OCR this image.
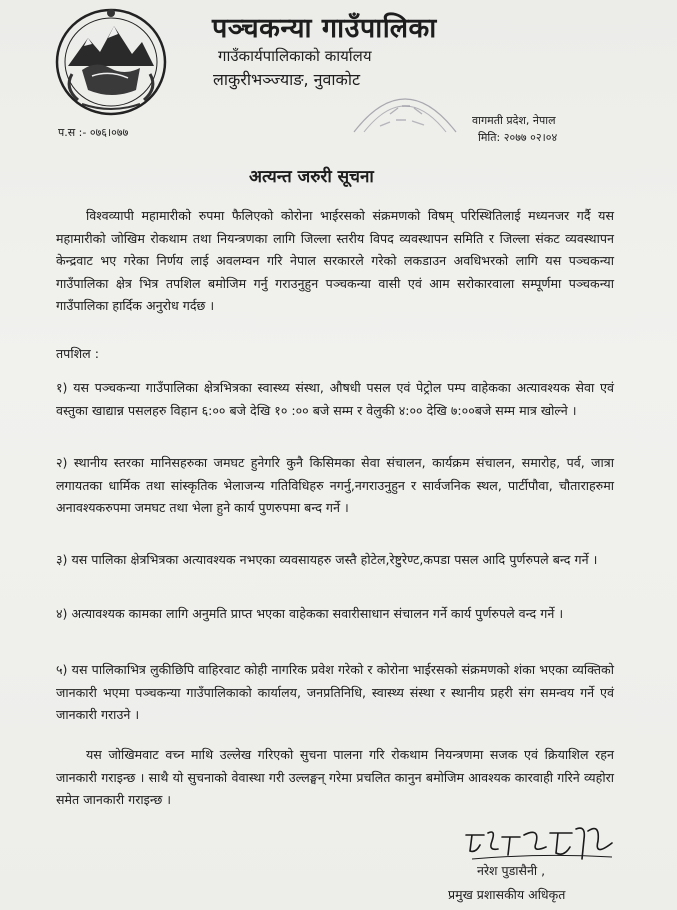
पञ्चकन्या गाउँपालिका
गाउँकार्यपालिकाको कार्यालय
लाकुरीभञ्ज्याङ, नुवाकोट
प.स :- ०७६।०७७
वागमती प्रदेश, नेपाल
मिति: २०७७ ०२।०४
अत्यन्त जरुरी सूचना
विश्वव्यापी महामारीको रुपमा फैलिएको कोरोना भाईरसको संक्रमणको विषम् परिस्थितिलाई मध्यनजर गर्दै यस महामारीको जोखिम रोकथाम तथा नियन्त्रणका लागि जिल्ला स्तरीय विपद व्यवस्थापन समिति र जिल्ला संकट व्यवस्थापन केन्द्रवाट भए गरेका निर्णय लाई अवलम्वन गरि नेपाल सरकारले गरेको लकडाउन अवधिभरको लागि यस पञ्चकन्या गाउँपालिका क्षेत्र भित्र तपशिल बमोजिम गर्नु गराउनुहुन पञ्चकन्या वासी एवं आम सरोकारवाला सम्पूर्णमा पञ्चकन्या गाउँपालिका हार्दिक अनुरोध गर्दछ ।
तपशिल :
१) यस पञ्चकन्या गाउँपालिका क्षेत्रभित्रका स्वास्थ्य संस्था, औषधी पसल एवं पेट्रोल पम्प वाहेकका अत्यावश्यक सेवा एवं वस्तुका खाद्यान्न पसलहरु विहान ६:०० बजे देखि १० :०० बजे सम्म र वेलुकी ४:०० देखि ७:००बजे सम्म मात्र खोल्ने ।
२) स्थानीय स्तरका मानिसहरुका जमघट हुनेगरि कुनै किसिमका सेवा संचालन, कार्यक्रम संचालन, समारोह, पर्व, जात्रा लगायतका धार्मिक तथा सांस्कृतिक भेलाजन्य गतिविधिहरु नगर्नु,नगराउनुहुन र सार्वजनिक स्थल, पार्टीपौवा, चौताराहरुमा अनावश्यकरुपमा जमघट तथा भेला हुने कार्य पुणरुपमा बन्द गर्ने ।
३) यस पालिका क्षेत्रभित्रका अत्यावश्यक नभएका व्यवसायहरु जस्तै होटेल,रेष्टुरेण्ट,कपडा पसल आदि पुर्णरुपले बन्द गर्ने ।
४) अत्यावश्यक कामका लागि अनुमति प्राप्त भएका वाहेकका सवारीसाधान संचालन गर्ने कार्य पुर्णरुपले वन्द गर्ने ।
५) यस पालिकाभित्र लुकीछिपि वाहिरवाट कोही नागरिक प्रवेश गरेको र कोरोना भाईरसको संक्रमणको शंका भएका व्यक्तिको जानकारी भएमा पञ्चकन्या गाउँपालिकाको कार्यालय, जनप्रतिनिधि, स्वास्थ्य संस्था र स्थानीय प्रहरी संग समन्वय गर्ने एवं जानकारी गराउने ।
यस जोखिमवाट वच्न माथि उल्लेख गरिएको सुचना पालना गरि रोकथाम नियन्त्रणमा सजक एवं क्रियाशिल रहन जानकारी गराइन्छ । साथै यो सुचनाको वेवास्था गरी उल्लङ्घन् गरेमा प्रचलित कानुन बमोजिम आवश्यक कारवाही गरिने व्यहोरा समेत जानकारी गराइन्छ ।
नरेश पुडासैनी ,
प्रमुख प्रशासकीय अधिकृत
